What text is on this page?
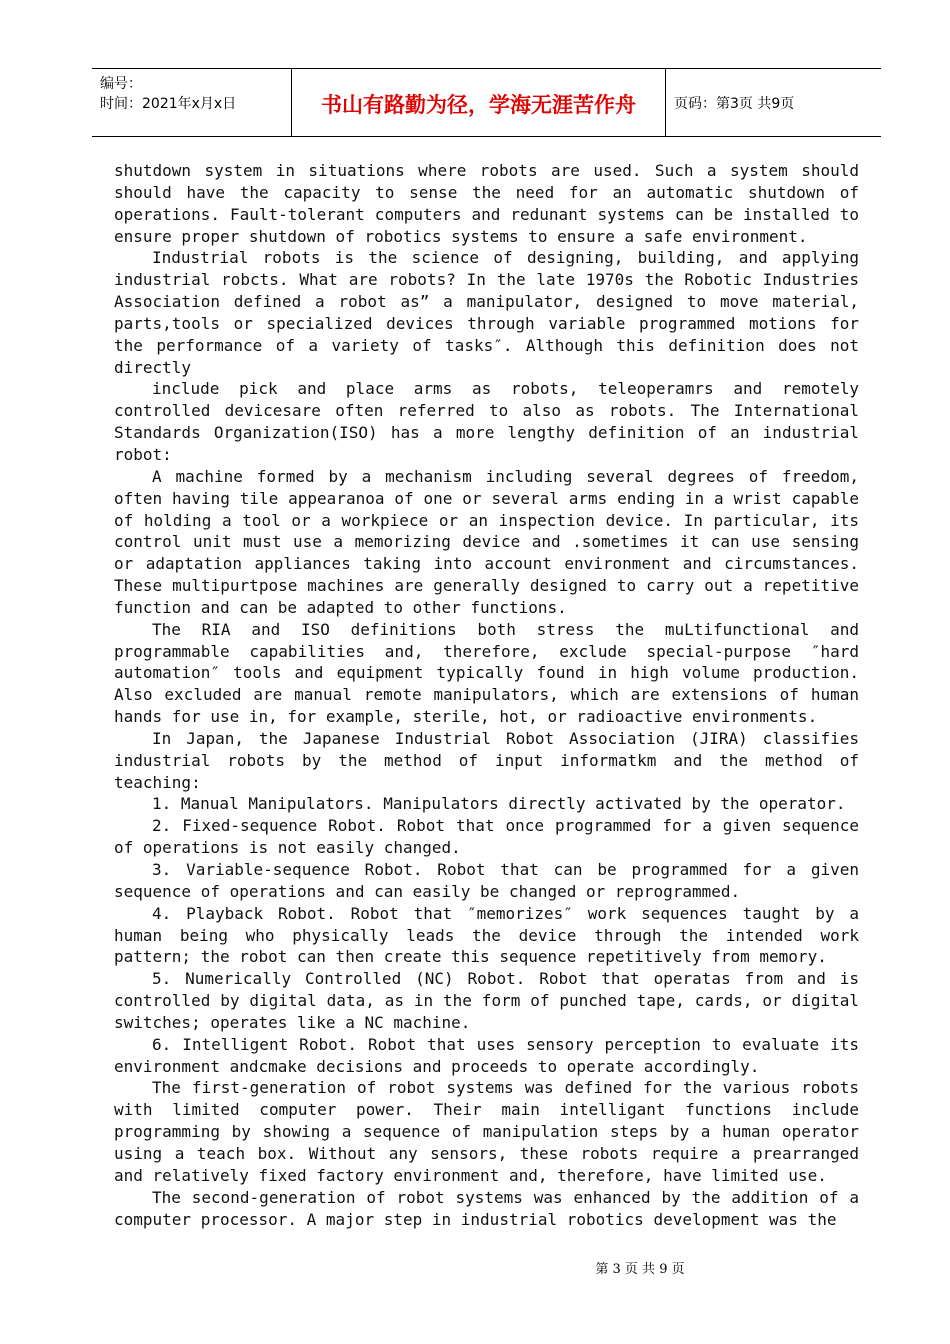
编号：
时间：2021年x月x日	书山有路勤为径，学海无涯苦作舟	页码：第3页 共9页

shutdown system in situations where robots are used. Such a system should should have the capacity to sense the need for an automatic shutdown of operations. Fault-tolerant computers and redunant systems can be installed to ensure proper shutdown of robotics systems to ensure a safe environment.

Industrial robots is the science of designing, building, and applying industrial robcts. What are robots? In the late 1970s the Robotic Industries Association defined a robot as” a manipulator, designed to move material, parts,tools or specialized devices through variable programmed motions for the performance of a variety of tasks″. Although this definition does not directly

include pick and place arms as robots, teleoperamrs and remotely controlled devicesare often referred to also as robots. The International Standards Organization(ISO) has a more lengthy definition of an industrial robot:

A machine formed by a mechanism including several degrees of freedom, often having tile appearanoa of one or several arms ending in a wrist capable of holding a tool or a workpiece or an inspection device. In particular, its control unit must use a memorizing device and .sometimes it can use sensing or adaptation appliances taking into account environment and circumstances. These multipurtpose machines are generally designed to carry out a repetitive function and can be adapted to other functions.

The RIA and ISO definitions both stress the muLtifunctional and programmable capabilities and, therefore, exclude special-purpose ″hard automation″ tools and equipment typically found in high volume production. Also excluded are manual remote manipulators, which are extensions of human hands for use in, for example, sterile, hot, or radioactive environments.

In Japan, the Japanese Industrial Robot Association (JIRA) classifies industrial robots by the method of input informatkm and the method of teaching:

1. Manual Manipulators. Manipulators directly activated by the operator.

2. Fixed-sequence Robot. Robot that once programmed for a given sequence of operations is not easily changed.

3. Variable-sequence Robot. Robot that can be programmed for a given sequence of operations and can easily be changed or reprogrammed.

4. Playback Robot. Robot that ″memorizes″ work sequences taught by a human being who physically leads the device through the intended work pattern; the robot can then create this sequence repetitively from memory.

5. Numerically Controlled (NC) Robot. Robot that operatas from and is controlled by digital data, as in the form of punched tape, cards, or digital switches; operates like a NC machine.

6. Intelligent Robot. Robot that uses sensory perception to evaluate its environment andcmake decisions and proceeds to operate accordingly.

The first-generation of robot systems was defined for the various robots with limited computer power. Their main intelligant functions include programming by showing a sequence of manipulation steps by a human operator using a teach box. Without any sensors, these robots require a prearranged and relatively fixed factory environment and, therefore, have limited use.

The second-generation of robot systems was enhanced by the addition of a computer processor. A major step in industrial robotics development was the

第 3 页 共 9 页
